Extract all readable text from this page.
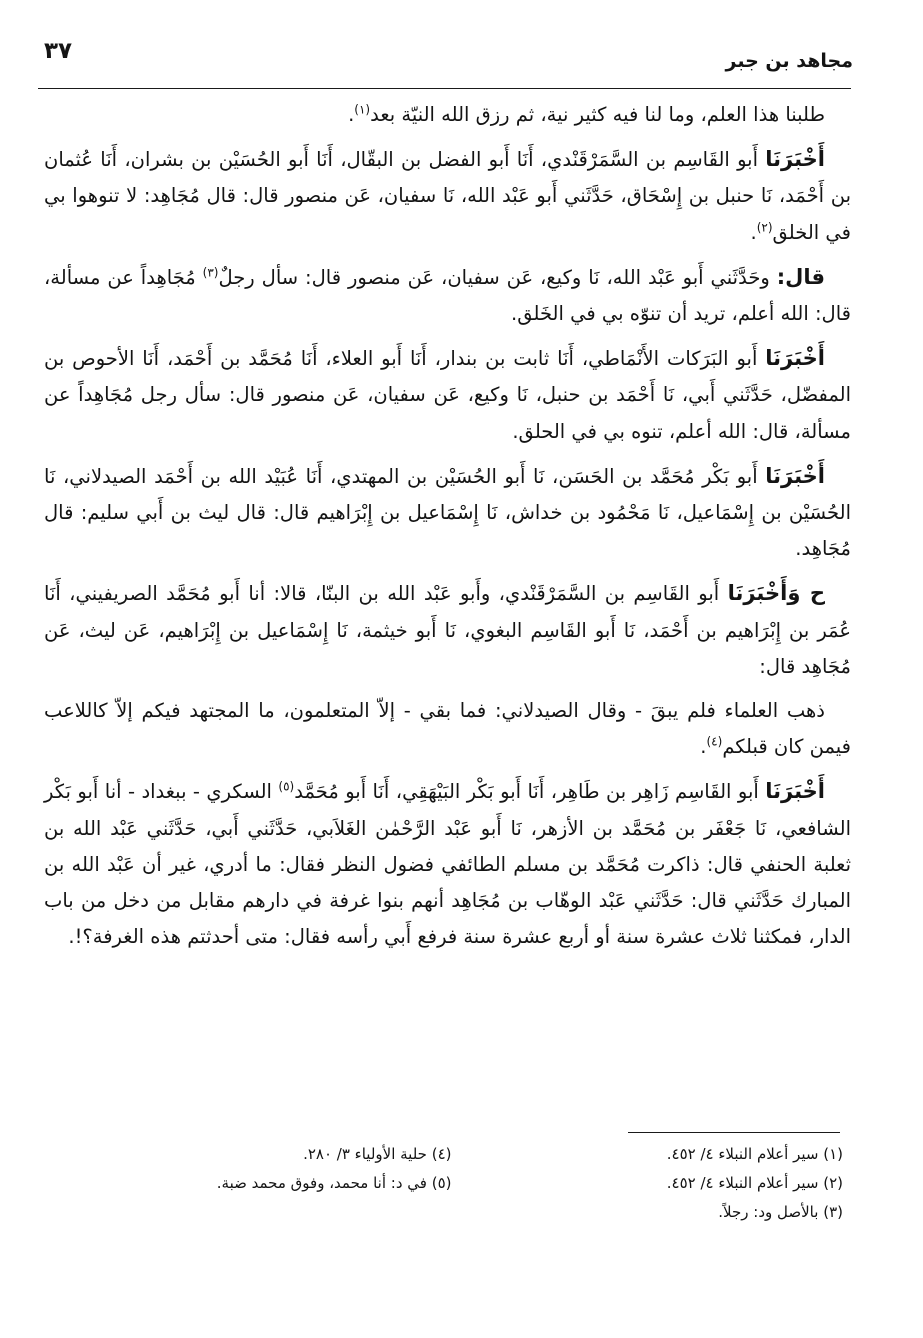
مجاهد بن جبر
٣٧

طلبنا هذا العلم، وما لنا فيه كثير نية، ثم رزق الله النيّة بعد$^{(١)}$.

أَخْبَرَنَا أَبو القَاسِم بن السَّمَرْقَنْدي، أَنَا أَبو الفضل بن البقّال، أَنَا أَبو الحُسَيْن بن بشران، أَنَا عُثمان بن أَحْمَد، نَا حنبل بن إِسْحَاق، حَدَّثَني أَبو عَبْد الله، نَا سفيان، عَن منصور قال: قال مُجَاهِد: لا تنوهوا بي في الخلق$^{(٢)}$.

قال: وحَدَّثَني أَبو عَبْد الله، نَا وكيع، عَن سفيان، عَن منصور قال: سأل رجلٌ$^{(٣)}$ مُجَاهِداً عن مسألة، قال: الله أعلم، تريد أن تنوّه بي في الخَلق.

أَخْبَرَنَا أَبو البَرَكات الأَنْمَاطي، أَنَا ثابت بن بندار، أَنَا أَبو العلاء، أَنَا مُحَمَّد بن أَحْمَد، أَنَا الأحوص بن المفضّل، حَدَّثَني أَبي، نَا أَحْمَد بن حنبل، نَا وكيع، عَن سفيان، عَن منصور قال: سأل رجل مُجَاهِداً عن مسألة، قال: الله أعلم، تنوه بي في الحلق.

أَخْبَرَنَا أَبو بَكْر مُحَمَّد بن الحَسَن، نَا أَبو الحُسَيْن بن المهتدي، أَنَا عُبَيْد الله بن أَحْمَد الصيدلاني، نَا الحُسَيْن بن إِسْمَاعيل، نَا مَحْمُود بن خداش، نَا إِسْمَاعيل بن إِبْرَاهيم قال: قال ليث بن أَبي سليم: قال مُجَاهِد.

ح وَأَخْبَرَنَا أَبو القَاسِم بن السَّمَرْقَنْدي، وأَبو عَبْد الله بن البنّا، قالا: أنا أَبو مُحَمَّد الصريفيني، أَنَا عُمَر بن إِبْرَاهيم بن أَحْمَد، نَا أَبو القَاسِم البغوي، نَا أَبو خيثمة، نَا إِسْمَاعيل بن إِبْرَاهيم، عَن ليث، عَن مُجَاهِد قال:

ذهب العلماء فلم يبقَ - وقال الصيدلاني: فما بقي - إلاّ المتعلمون، ما المجتهد فيكم إلاّ كاللاعب فيمن كان قبلكم$^{(٤)}$.

أَخْبَرَنَا أَبو القَاسِم زَاهِر بن طَاهِر، أَنَا أَبو بَكْر البَيْهَقِي، أَنَا أَبو مُحَمَّد$^{(٥)}$ السكري - ببغداد - أنا أَبو بَكْر الشافعي، نَا جَعْفَر بن مُحَمَّد بن الأزهر، نَا أَبو عَبْد الرَّحْمٰن الغَلاَبي، حَدَّثَني أَبي، حَدَّثَني عَبْد الله بن ثعلبة الحنفي قال: ذاكرت مُحَمَّد بن مسلم الطائفي فضول النظر فقال: ما أدري، غير أن عَبْد الله بن المبارك حَدَّثَني قال: حَدَّثَني عَبْد الوهّاب بن مُجَاهِد أنهم بنوا غرفة في دارهم مقابل من دخل من باب الدار، فمكثنا ثلاث عشرة سنة أو أربع عشرة سنة فرفع أَبي رأسه فقال: متى أحدثتم هذه الغرفة؟!.

(١) سير أعلام النبلاء ٤/ ٤٥٢.
(٢) سير أعلام النبلاء ٤/ ٤٥٢.
(٣) بالأصل ود: رجلاً.
(٤) حلية الأولياء ٣/ ٢٨٠.
(٥) في د: أنا محمد، وفوق محمد ضبة.
